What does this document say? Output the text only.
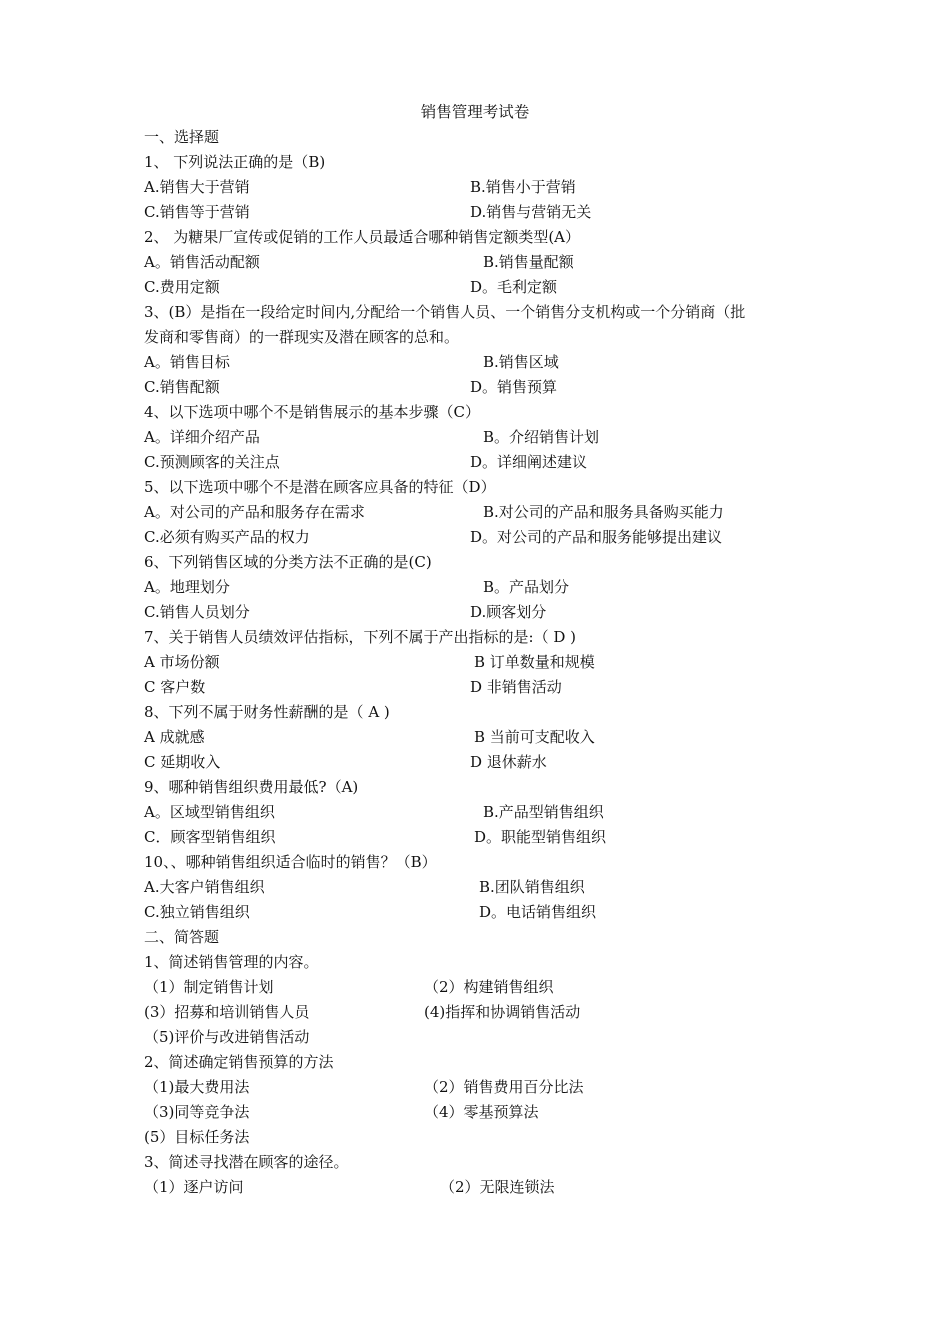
销售管理考试卷
一、选择题
1、 下列说法正确的是（B)
A.销售大于营销	B.销售小于营销
C.销售等于营销	D.销售与营销无关
2、 为糖果厂宣传或促销的工作人员最适合哪种销售定额类型(A）
A。销售活动配额	B.销售量配额
C.费用定额	D。毛利定额
3、(B）是指在一段给定时间内,分配给一个销售人员、一个销售分支机构或一个分销商（批
发商和零售商）的一群现实及潜在顾客的总和。
A。销售目标	B.销售区域
C.销售配额	D。销售预算
4、以下选项中哪个不是销售展示的基本步骤（C）
A。详细介绍产品	B。介绍销售计划
C.预测顾客的关注点	D。详细阐述建议
5、以下选项中哪个不是潜在顾客应具备的特征（D）
A。对公司的产品和服务存在需求	B.对公司的产品和服务具备购买能力
C.必须有购买产品的权力	D。对公司的产品和服务能够提出建议
6、下列销售区域的分类方法不正确的是(C)
A。地理划分	B。产品划分
C.销售人员划分	D.顾客划分
7、关于销售人员绩效评估指标，下列不属于产出指标的是:（ D )
A 市场份额	B 订单数量和规模
C 客户数	D 非销售活动
8、下列不属于财务性薪酬的是（ A )
A 成就感	B 当前可支配收入
C 延期收入	D 退休薪水
9、哪种销售组织费用最低?（A)
A。区域型销售组织	B.产品型销售组织
C．顾客型销售组织	D。职能型销售组织
10、、哪种销售组织适合临时的销售？（B）
A.大客户销售组织	B.团队销售组织
C.独立销售组织	D。电话销售组织
二、简答题
1、简述销售管理的内容。
（1）制定销售计划	（2）构建销售组织
(3）招募和培训销售人员	(4)指挥和协调销售活动
（5)评价与改进销售活动
2、简述确定销售预算的方法
（1)最大费用法	（2）销售费用百分比法
（3)同等竞争法	（4）零基预算法
(5）目标任务法
3、简述寻找潜在顾客的途径。
（1）逐户访问	（2）无限连锁法
